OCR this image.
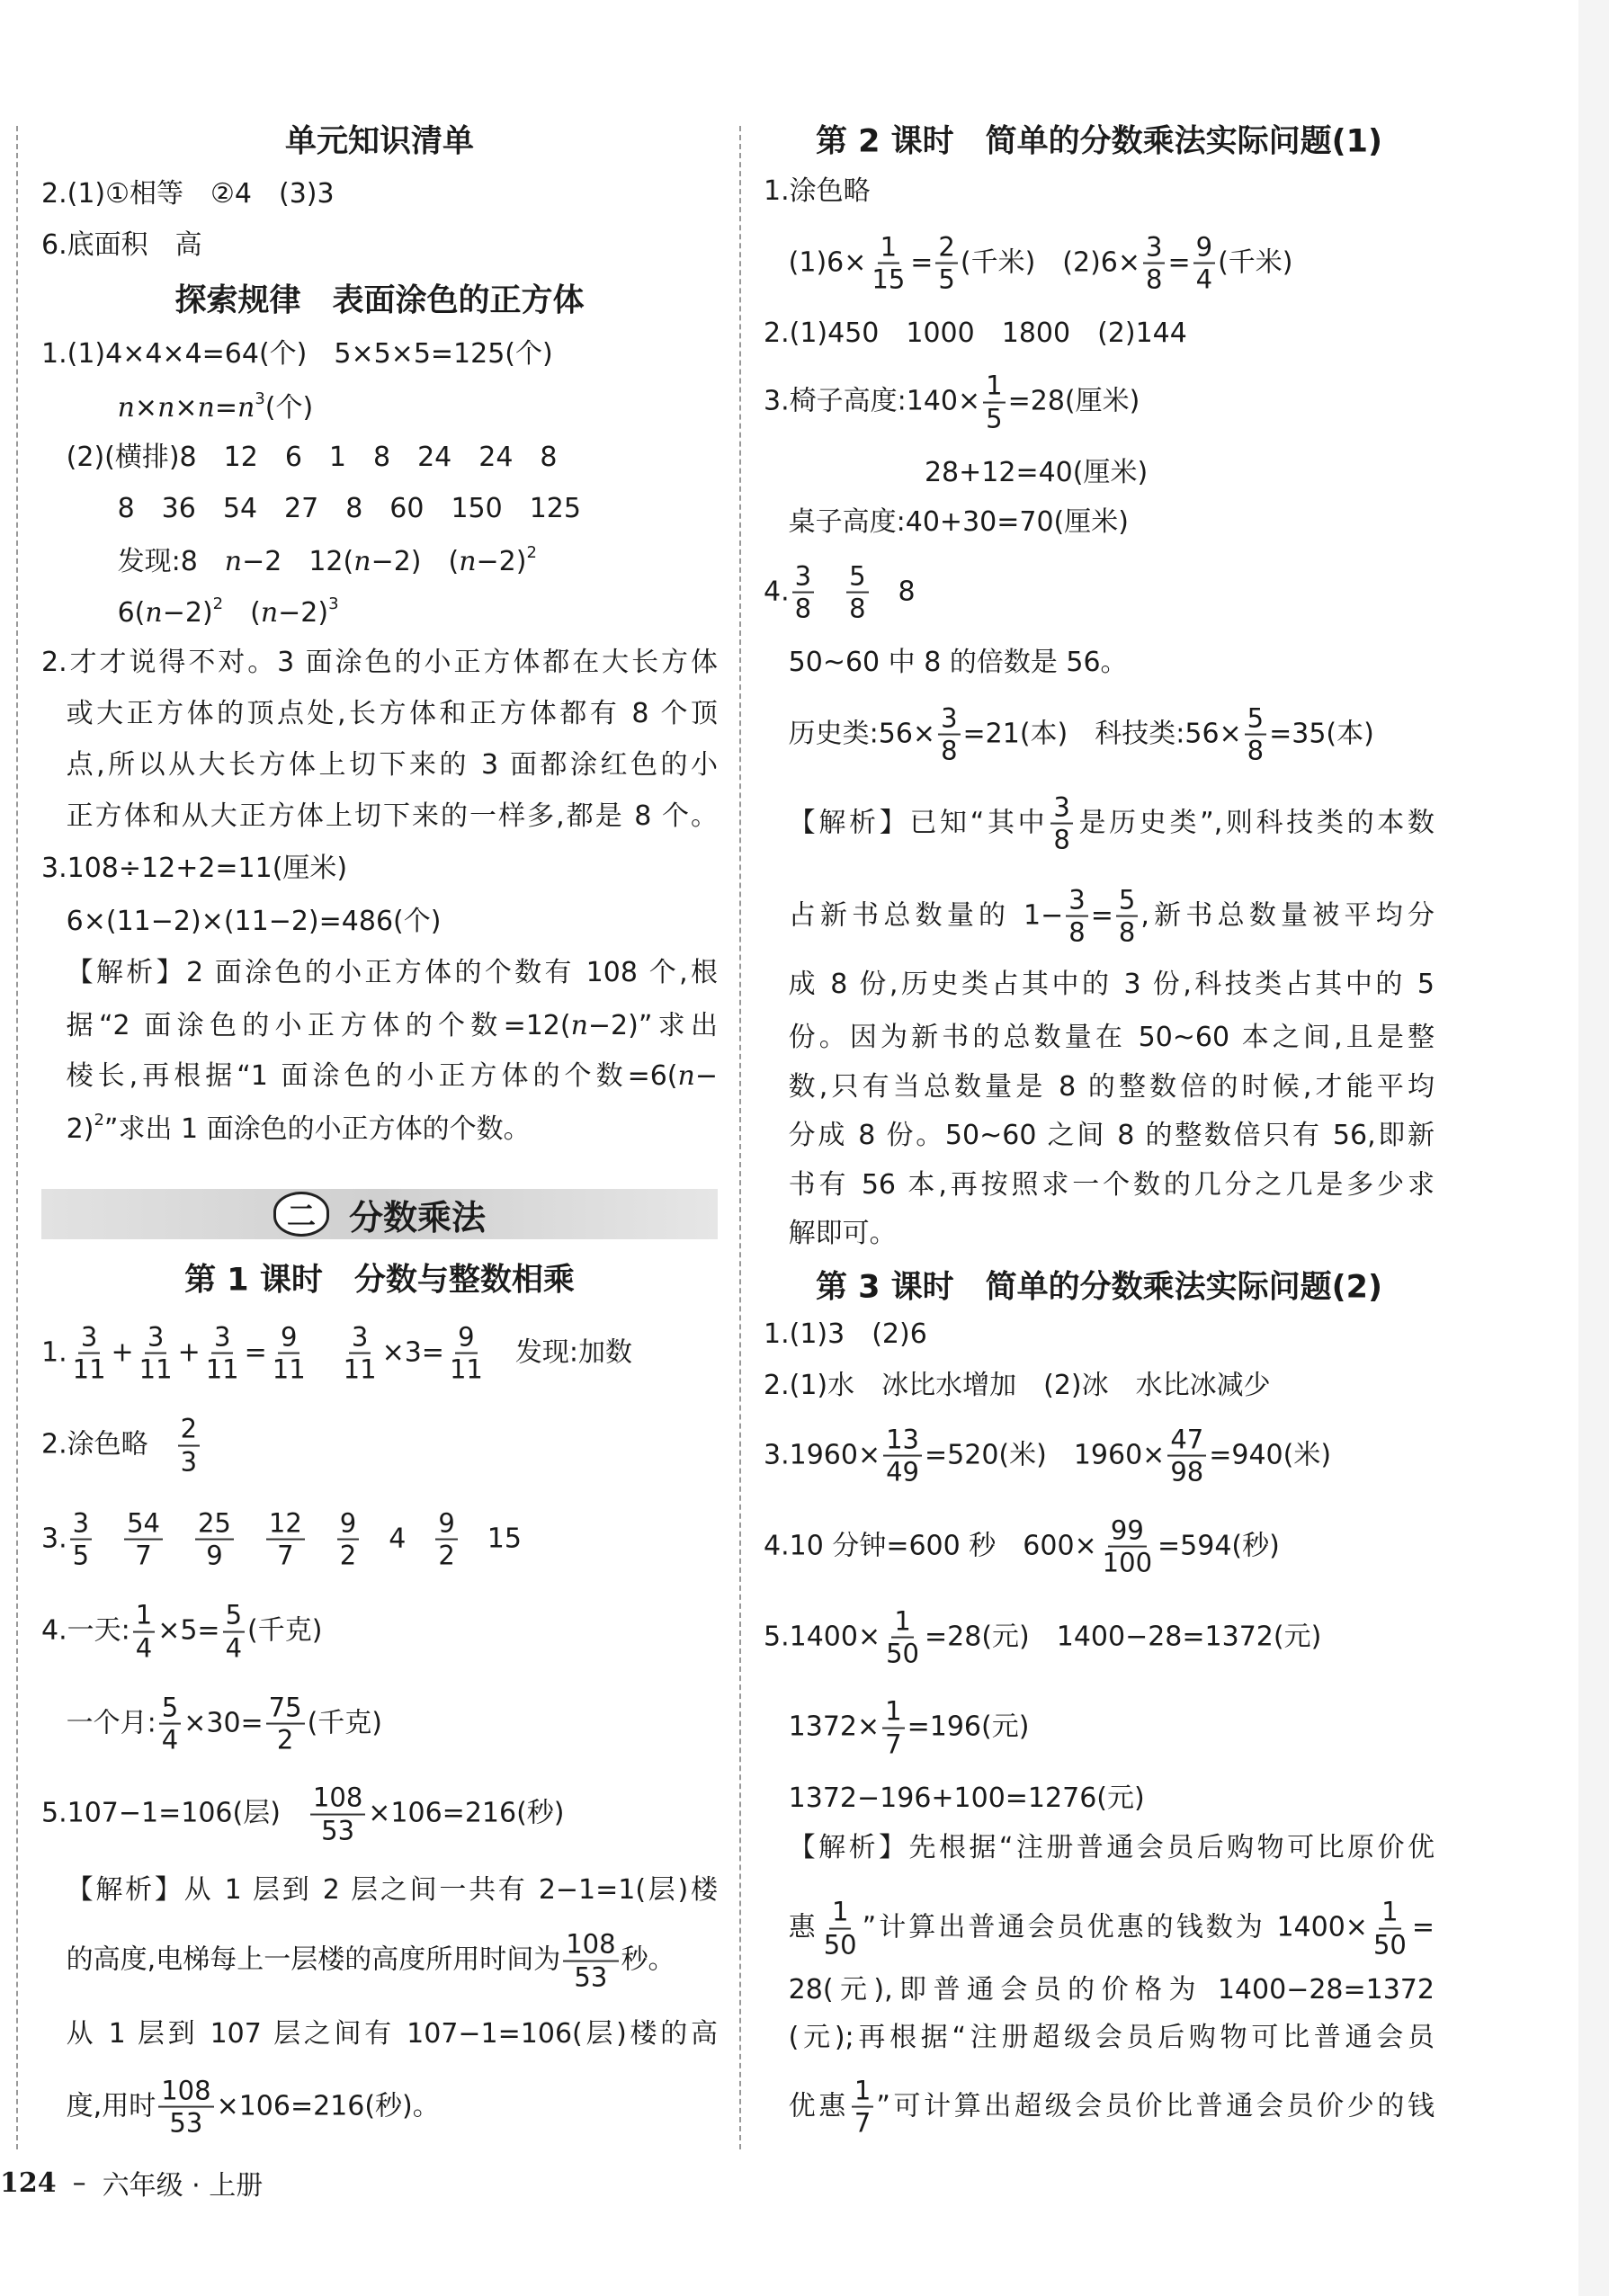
单元知识清单
2.(1)①相等　②4　(3)3
6.底面积　高
探索规律　表面涂色的正方体
1.(1)4×4×4=64(个)　5×5×5=125(个)
$n\times n\times n=n^3$(个)
(2)(横排)8　12　6　1　8　24　24　8
8　36　54　27　8　60　150　125
发现:8　n−2　12(n−2)　$(n-2)^2$
$6(n-2)^2$　$(n-2)^3$
2.才才说得不对。3 面涂色的小正方体都在大长方体
或大正方体的顶点处,长方体和正方体都有 8 个顶
点,所以从大长方体上切下来的 3 面都涂红色的小
正方体和从大正方体上切下来的一样多,都是 8 个。
3.108÷12+2=11(厘米)
6×(11−2)×(11−2)=486(个)
【解析】2 面涂色的小正方体的个数有 108 个,根
据“2 面涂色的小正方体的个数=12(n−2)”求出
棱长,再根据“1 面涂色的小正方体的个数=6(n−
2)$^2$”求出 1 面涂色的小正方体的个数。
第 1 课时　分数与整数相乘
1. $\frac{3}{11} + \frac{3}{11} + \frac{3}{11} = \frac{9}{11}$
　 $\frac{3}{11} \times 3= \frac{9}{11}$ 　发现:加数
2.涂色略　 $\frac{2}{3}$
3. $\frac{3}{5}$
　 $\frac{54}{7}$
　 $\frac{25}{9}$
　 $\frac{12}{7}$
　 $\frac{9}{2}$ 　4　 $\frac{9}{2}$ 　15
4.一天: $\frac{1}{4} \times 5= \frac{5}{4}$ (千克)
一个月: $\frac{5}{4} \times 30= \frac{75}{2}$ (千克)
5.107−1=106(层)　 $\frac{108}{53} \times 106=216$(秒)
【解析】从 1 层到 2 层之间一共有 2−1=1(层)楼
的高度,电梯每上一层楼的高度所用时间为 $\frac{108}{53}$ 秒。
从 1 层到 107 层之间有 107−1=106(层)楼的高
度,用时 $\frac{108}{53} \times 106=216$(秒)。
第 2 课时　简单的分数乘法实际问题(1)
1.涂色略
$(1)6\times \frac{1}{15} = \frac{2}{5}$ (千米)　$(2)6\times \frac{3}{8} = \frac{9}{4}$ (千米)
2.(1)450　1000　1800　(2)144
3.椅子高度:140× $\frac{1}{5} =28$(厘米)
28+12=40(厘米)
桌子高度:40+30=70(厘米)
4. $\frac{3}{8}$
　 $\frac{5}{8}$ 　8
50~60 中 8 的倍数是 56。
历史类:56× $\frac{3}{8} =21$(本)　科技类:56× $\frac{5}{8} =35$(本)
【解析】已知“其中 $\frac{3}{8}$ 是历史类”,则科技类的本数
占新书总数量的 $1- \frac{3}{8} = \frac{5}{8}$ ,新书总数量被平均分
成 8 份,历史类占其中的 3 份,科技类占其中的 5
份。因为新书的总数量在 50~60 本之间,且是整
数,只有当总数量是 8 的整数倍的时候,才能平均
分成 8 份。50~60 之间 8 的整数倍只有 56,即新
书有 56 本,再按照求一个数的几分之几是多少求
解即可。
第 3 课时　简单的分数乘法实际问题(2)
1.(1)3　(2)6
2.(1)水　冰比水增加　(2)冰　水比冰减少
$3.1960\times \frac{13}{49} =520$(米)　$1960\times \frac{47}{98} =940$(米)
4.10 分钟=600 秒　$600\times \frac{99}{100} =594$(秒)
$5.1400\times \frac{1}{50} =28$(元)　1400−28=1372(元)
$1372\times \frac{1}{7} =196$(元)
1372−196+100=1276(元)
【解析】先根据“注册普通会员后购物可比原价优
惠 $\frac{1}{50}$ ”计算出普通会员优惠的钱数为 $1400\times \frac{1}{50}$ =
28(元),即普通会员的价格为 1400−28=1372
(元);再根据“注册超级会员后购物可比普通会员
优惠 $\frac{1}{7}$ ”可计算出超级会员价比普通会员价少的钱
二 分数乘法
124 – 六年级 · 上册
